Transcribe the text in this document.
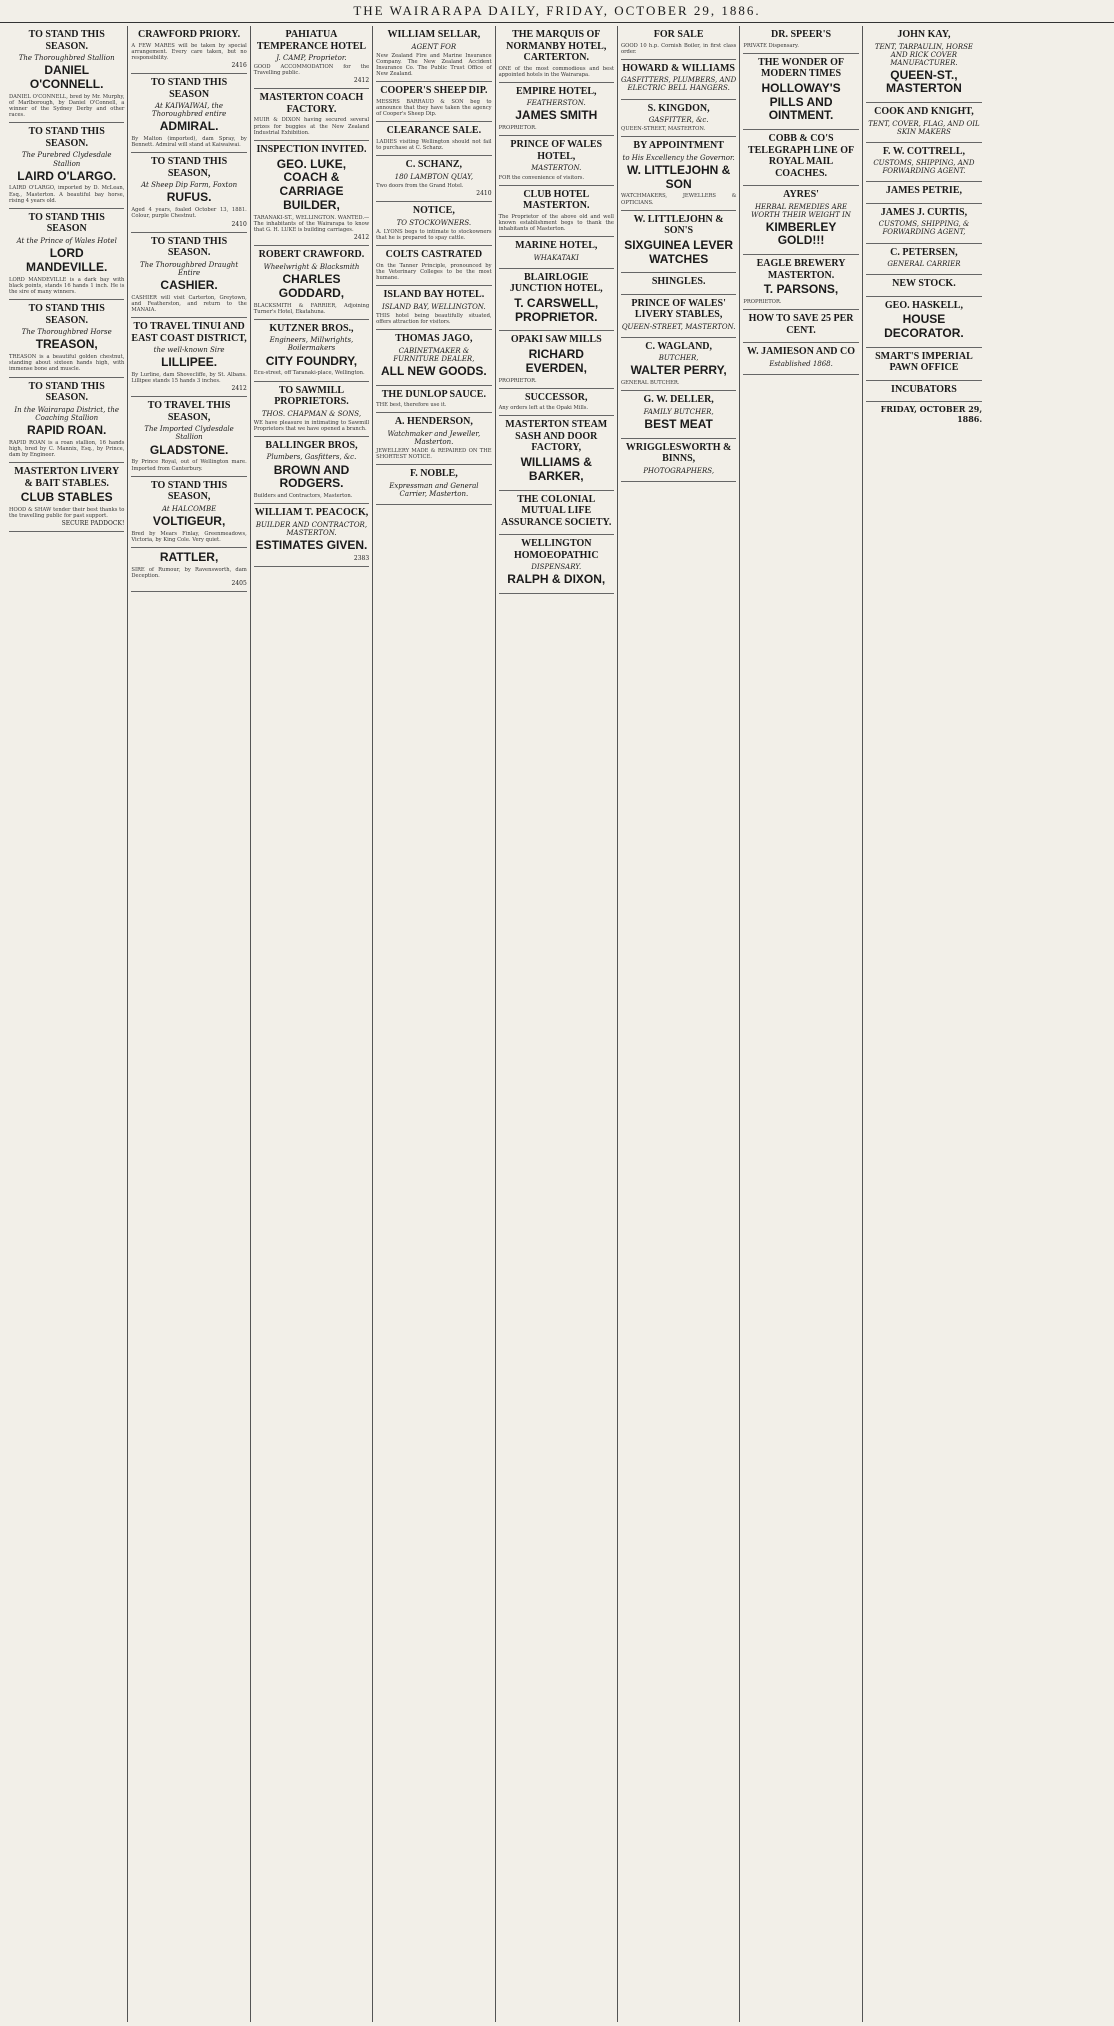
THE WAIRARAPA DAILY, FRIDAY, OCTOBER 29, 1886.
TO STAND THIS SEASON.
The Thoroughbred Stallion
DANIEL O'CONNELL.

DANIEL O'CONNELL, bred by Mr. Murphy, of Marlborough, by Daniel O'Connell, a winner of the Sydney Derby and other races.

TO STAND THIS SEASON.
The Purebred Clydesdale Stallion
LAIRD O'LARGO.

LAIRD O'LARGO, imported by D. McLean, Esq., Masterton. A beautiful bay horse, rising 4 years old.

TO STAND THIS SEASON
At the Prince of Wales Hotel
LORD MANDEVILLE.

LORD MANDEVILLE is a dark bay with black points, stands 16 hands 1 inch. He is the sire of many winners.

TO STAND THIS SEASON.
The Thoroughbred Horse
TREASON,

TREASON is a beautiful golden chestnut, standing about sixteen hands high, with immense bone and muscle.

TO STAND THIS SEASON.
In the Wairarapa District, the Coaching Stallion
RAPID ROAN.

RAPID ROAN is a roan stallion, 16 hands high, bred by C. Mannix, Esq., by Prince, dam by Engineer.

MASTERTON LIVERY & BAIT STABLES.
CLUB STABLES

HOOD & SHAW tender their best thanks to the travelling public for past support.

SECURE PADDOCK!
CRAWFORD PRIORY.

A FEW MARES will be taken by special arrangement. Every care taken, but no responsibility.

2416
TO STAND THIS SEASON
At KAIWAIWAI, the Thoroughbred entire
ADMIRAL.

By Malton (imported), dam Spray, by Bennett. Admiral will stand at Kaiwaiwai.

TO STAND THIS SEASON,
At Sheep Dip Farm, Foxton
RUFUS.

Aged 4 years, foaled October 13, 1881. Colour, purple Chestnut.

2410
TO STAND THIS SEASON.
The Thoroughbred Draught Entire
CASHIER.

CASHIER will visit Carterton, Greytown, and Featherston, and return to the MANAIA.

TO TRAVEL TINUI AND EAST COAST DISTRICT,
the well-known Sire
LILLIPEE.

By Lurline, dam Shovecliffe, by St. Albans. Lillipee stands 15 hands 3 inches.

2412
TO TRAVEL THIS SEASON,
The Imported Clydesdale Stallion
GLADSTONE.

By Prince Royal, out of Wellington mare. Imported from Canterbury.

TO STAND THIS SEASON,
At HALCOMBE
VOLTIGEUR,

Bred by Mears Finlay, Greenmeadows, Victoria, by King Cole. Very quiet.

RATTLER,

SIRE of Rumour, by Ravensworth, dam Deception.

2405
PAHIATUA TEMPERANCE HOTEL
J. CAMP, Proprietor.

GOOD ACCOMMODATION for the Travelling public.

2412
MASTERTON COACH FACTORY.

MUIR & DIXON having secured several prizes for buggies at the New Zealand Industrial Exhibition.

INSPECTION INVITED.
GEO. LUKE, COACH & CARRIAGE BUILDER,

TARANAKI-ST., WELLINGTON. WANTED.—The inhabitants of the Wairarapa to know that G. H. LUKE is building carriages.

2412
ROBERT CRAWFORD.
Wheelwright & Blacksmith
CHARLES GODDARD,

BLACKSMITH & FARRIER, Adjoining Turner's Hotel, Ekatahuna.

KUTZNER BROS.,
Engineers, Millwrights, Boilermakers
CITY FOUNDRY,

Ecu-street, off Taranaki-place, Wellington.

TO SAWMILL PROPRIETORS.
THOS. CHAPMAN & SONS,

WE have pleasure in intimating to Sawmill Proprietors that we have opened a branch.

BALLINGER BROS,
Plumbers, Gasfitters, &c.
BROWN AND RODGERS.

Builders and Contractors, Masterton.

WILLIAM T. PEACOCK,
BUILDER AND CONTRACTOR, MASTERTON.
ESTIMATES GIVEN.
2383
WILLIAM SELLAR,
AGENT FOR

New Zealand Fire and Marine Insurance Company. The New Zealand Accident Insurance Co. The Public Trust Office of New Zealand.

COOPER'S SHEEP DIP.

MESSRS BARRAUD & SON beg to announce that they have taken the agency of Cooper's Sheep Dip.

CLEARANCE SALE.

LADIES visiting Wellington should not fail to purchase at C. Schanz.

C. SCHANZ,
180 LAMBTON QUAY,

Two doors from the Grand Hotel.

2410
NOTICE,
TO STOCKOWNERS.

A. LYONS begs to intimate to stockowners that he is prepared to spay cattle.

COLTS CASTRATED

On the Tanner Principle, pronounced by the Veterinary Colleges to be the most humane.

ISLAND BAY HOTEL.
ISLAND BAY, WELLINGTON.

THIS hotel being beautifully situated, offers attraction for visitors.

THOMAS JAGO,
CABINETMAKER & FURNITURE DEALER,
ALL NEW GOODS.
THE DUNLOP SAUCE.

THE best, therefore use it.

A. HENDERSON,
Watchmaker and Jeweller, Masterton.

JEWELLERY MADE & REPAIRED ON THE SHORTEST NOTICE.

F. NOBLE,
Expressman and General Carrier, Masterton.
THE MARQUIS OF NORMANBY HOTEL, CARTERTON.

ONE of the most commodious and best appointed hotels in the Wairarapa.

EMPIRE HOTEL,
FEATHERSTON.
JAMES SMITH

PROPRIETOR.

PRINCE OF WALES HOTEL,
MASTERTON.

FOR the convenience of visitors.

CLUB HOTEL MASTERTON.

The Proprietor of the above old and well known establishment begs to thank the inhabitants of Masterton.

MARINE HOTEL,
WHAKATAKI
BLAIRLOGIE JUNCTION HOTEL,
T. CARSWELL, PROPRIETOR.
OPAKI SAW MILLS
RICHARD EVERDEN,

PROPRIETOR.

SUCCESSOR,

Any orders left at the Opaki Mills.

MASTERTON STEAM SASH AND DOOR FACTORY,
WILLIAMS & BARKER,
THE COLONIAL MUTUAL LIFE ASSURANCE SOCIETY.
WELLINGTON HOMOEOPATHIC
DISPENSARY.
RALPH & DIXON,
FOR SALE

GOOD 10 h.p. Cornish Boiler, in first class order.

HOWARD & WILLIAMS
GASFITTERS, PLUMBERS, AND ELECTRIC BELL HANGERS.
S. KINGDON,
GASFITTER, &c.

QUEEN-STREET, MASTERTON.

BY APPOINTMENT
to His Excellency the Governor.
W. LITTLEJOHN & SON

WATCHMAKERS, JEWELLERS & OPTICIANS.

W. LITTLEJOHN & SON'S
SIXGUINEA LEVER WATCHES
SHINGLES.
PRINCE OF WALES' LIVERY STABLES,
QUEEN-STREET, MASTERTON.
C. WAGLAND,
BUTCHER,
WALTER PERRY,

GENERAL BUTCHER.

G. W. DELLER,
FAMILY BUTCHER,
BEST MEAT
WRIGGLESWORTH & BINNS,
PHOTOGRAPHERS,
DR. SPEER'S

PRIVATE Dispensary.

THE WONDER OF MODERN TIMES
HOLLOWAY'S PILLS AND OINTMENT.
COBB & CO'S TELEGRAPH LINE OF ROYAL MAIL COACHES.
AYRES'
HERBAL REMEDIES ARE WORTH THEIR WEIGHT IN
KIMBERLEY GOLD!!!
EAGLE BREWERY MASTERTON.
T. PARSONS,

PROPRIETOR.

HOW TO SAVE 25 PER CENT.
W. JAMIESON AND CO
Established 1868.
JOHN KAY,
TENT, TARPAULIN, HORSE AND RICK COVER MANUFACTURER.
QUEEN-ST., MASTERTON
COOK AND KNIGHT,
TENT, COVER, FLAG, AND OIL SKIN MAKERS
F. W. COTTRELL,
CUSTOMS, SHIPPING, AND FORWARDING AGENT.
JAMES PETRIE,
JAMES J. CURTIS,
CUSTOMS, SHIPPING, & FORWARDING AGENT,
C. PETERSEN,
GENERAL CARRIER
NEW STOCK.
GEO. HASKELL,
HOUSE DECORATOR.
SMART'S IMPERIAL PAWN OFFICE
INCUBATORS
FRIDAY, OCTOBER 29, 1886.
